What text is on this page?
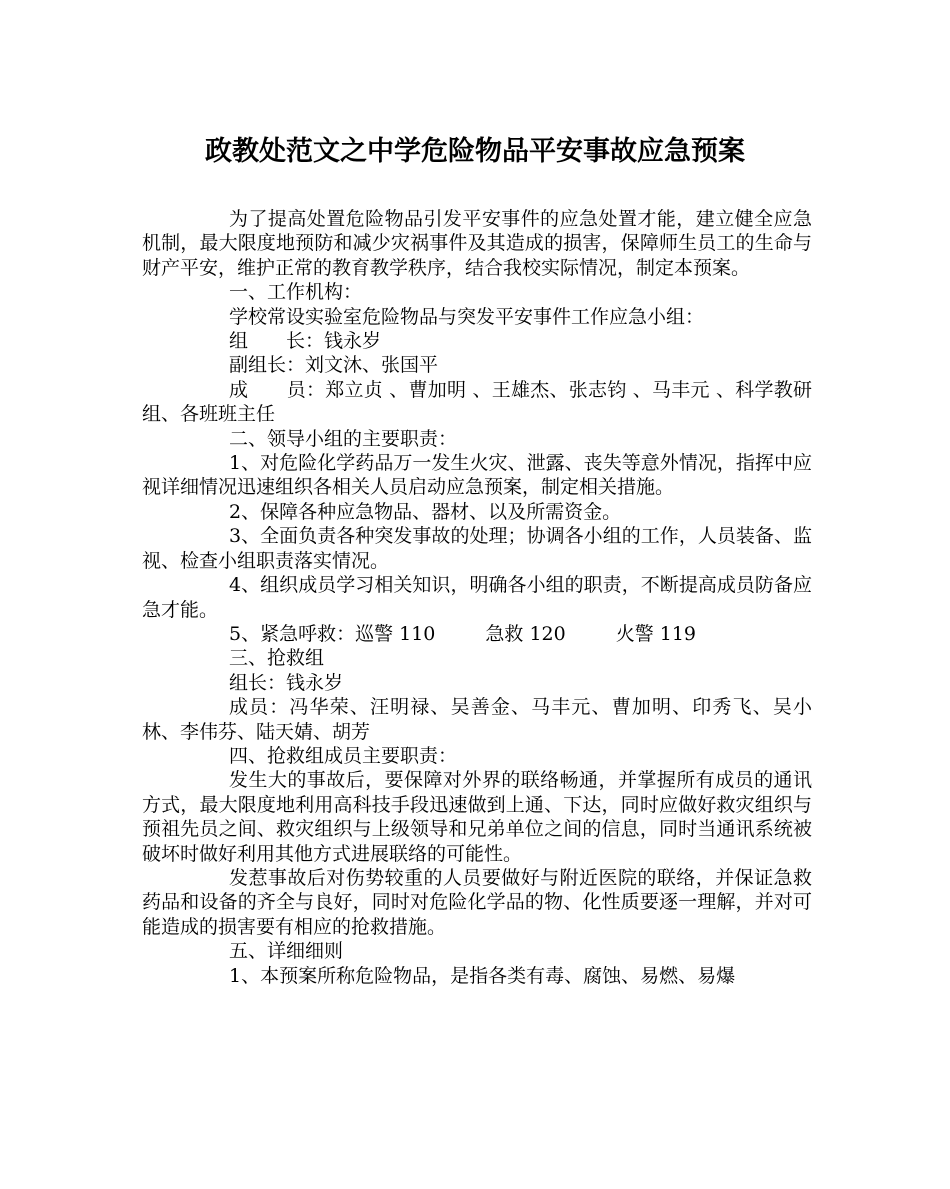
政教处范文之中学危险物品平安事故应急预案

为了提高处置危险物品引发平安事件的应急处置才能，建立健全应急机制，最大限度地预防和减少灾祸事件及其造成的损害，保障师生员工的生命与财产平安，维护正常的教育教学秩序，结合我校实际情况，制定本预案。

一、工作机构：

学校常设实验室危险物品与突发平安事件工作应急小组：

组　　长：钱永岁

副组长：刘文沐、张国平

成　　员：郑立贞 、曹加明 、王雄杰、张志钧 、马丰元 、科学教研组、各班班主任

二、领导小组的主要职责：

1、对危险化学药品万一发生火灾、泄露、丧失等意外情况，指挥中应视详细情况迅速组织各相关人员启动应急预案，制定相关措施。

2、保障各种应急物品、器材、以及所需资金。

3、全面负责各种突发事故的处理；协调各小组的工作，人员装备、监视、检查小组职责落实情况。

4、组织成员学习相关知识，明确各小组的职责，不断提高成员防备应急才能。

5、紧急呼救：巡警 110	急救 120	火警 119

三、抢救组

组长：钱永岁

成员：冯华荣、汪明禄、吴善金、马丰元、曹加明、印秀飞、吴小林、李伟芬、陆天婧、胡芳

四、抢救组成员主要职责：

发生大的事故后，要保障对外界的联络畅通，并掌握所有成员的通讯方式，最大限度地利用高科技手段迅速做到上通、下达，同时应做好救灾组织与预祖先员之间、救灾组织与上级领导和兄弟单位之间的信息，同时当通讯系统被破坏时做好利用其他方式进展联络的可能性。

发惹事故后对伤势较重的人员要做好与附近医院的联络，并保证急救药品和设备的齐全与良好，同时对危险化学品的物、化性质要逐一理解，并对可能造成的损害要有相应的抢救措施。

五、详细细则

1、本预案所称危险物品，是指各类有毒、腐蚀、易燃、易爆
